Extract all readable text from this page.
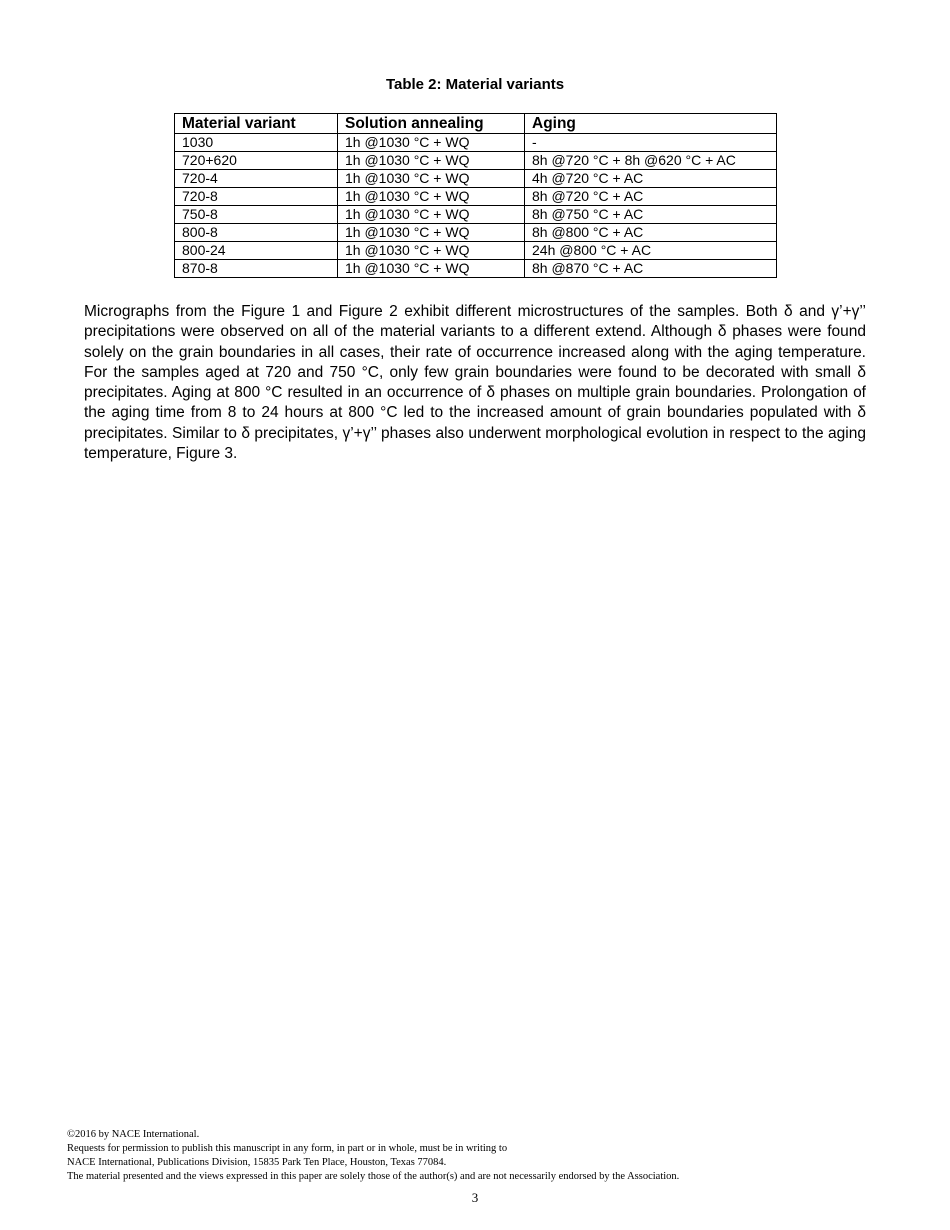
Table 2: Material variants
Material variant	Solution annealing	Aging
1030	1h @1030 °C + WQ	-
720+620	1h @1030 °C + WQ	8h @720 °C + 8h @620 °C + AC
720-4	1h @1030 °C + WQ	4h @720 °C + AC
720-8	1h @1030 °C + WQ	8h @720 °C + AC
750-8	1h @1030 °C + WQ	8h @750 °C + AC
800-8	1h @1030 °C + WQ	8h @800 °C + AC
800-24	1h @1030 °C + WQ	24h @800 °C + AC
870-8	1h @1030 °C + WQ	8h @870 °C + AC

Micrographs from the Figure 1 and Figure 2 exhibit different microstructures of the samples. Both δ and γ’+γ’’ precipitations were observed on all of the material variants to a different extend. Although δ phases were found solely on the grain boundaries in all cases, their rate of occurrence increased along with the aging temperature. For the samples aged at 720 and 750 °C, only few grain boundaries were found to be decorated with small δ precipitates. Aging at 800 °C resulted in an occurrence of δ phases on multiple grain boundaries. Prolongation of the aging time from 8 to 24 hours at 800 °C led to the increased amount of grain boundaries populated with δ precipitates. Similar to δ precipitates, γ’+γ’’ phases also underwent morphological evolution in respect to the aging temperature, Figure 3.

©2016 by NACE International.
Requests for permission to publish this manuscript in any form, in part or in whole, must be in writing to
NACE International, Publications Division, 15835 Park Ten Place, Houston, Texas 77084.
The material presented and the views expressed in this paper are solely those of the author(s) and are not necessarily endorsed by the Association.
3
